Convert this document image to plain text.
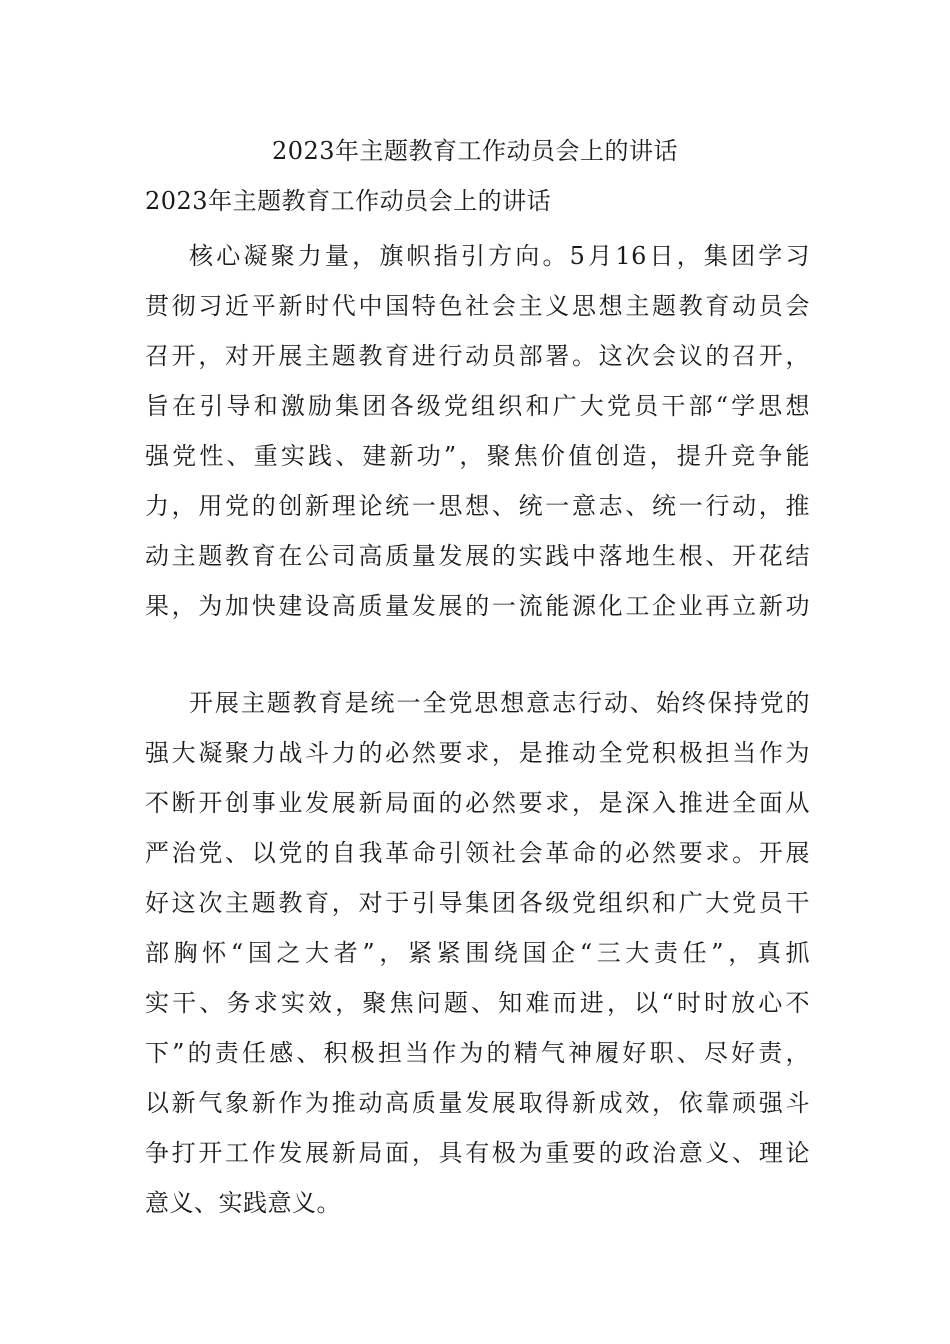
2023年主题教育工作动员会上的讲话
2023年主题教育工作动员会上的讲话
核心凝聚力量，旗帜指引方向。5月16日，集团学习
贯彻习近平新时代中国特色社会主义思想主题教育动员会
召开，对开展主题教育进行动员部署。这次会议的召开，
旨在引导和激励集团各级党组织和广大党员干部“学思想
强党性、重实践、建新功”，聚焦价值创造，提升竞争能
力，用党的创新理论统一思想、统一意志、统一行动，推
动主题教育在公司高质量发展的实践中落地生根、开花结
果，为加快建设高质量发展的一流能源化工企业再立新功
开展主题教育是统一全党思想意志行动、始终保持党的
强大凝聚力战斗力的必然要求，是推动全党积极担当作为
不断开创事业发展新局面的必然要求，是深入推进全面从
严治党、以党的自我革命引领社会革命的必然要求。开展
好这次主题教育，对于引导集团各级党组织和广大党员干
部胸怀“国之大者”，紧紧围绕国企“三大责任”，真抓
实干、务求实效，聚焦问题、知难而进，以“时时放心不
下”的责任感、积极担当作为的精气神履好职、尽好责，
以新气象新作为推动高质量发展取得新成效，依靠顽强斗
争打开工作发展新局面，具有极为重要的政治意义、理论
意义、实践意义。
